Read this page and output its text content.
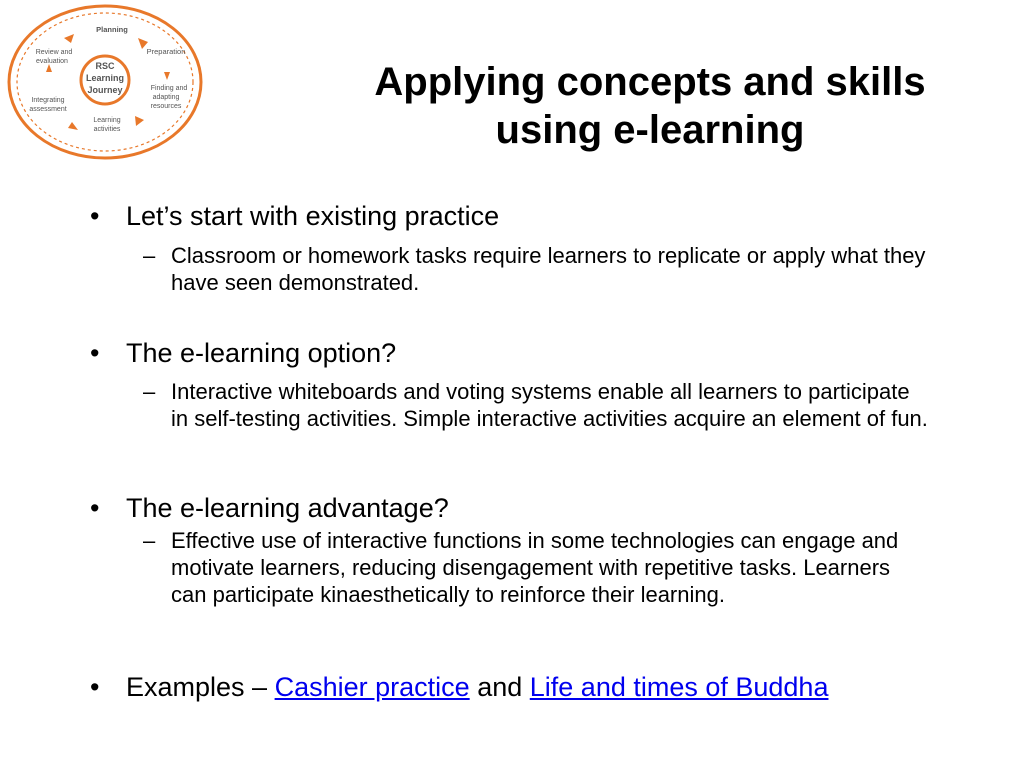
RSC
Learning
Journey
Planning
Preparation
Finding and
adapting
resources
Learning
activities
Integrating
assessment
Review and
evaluation	Applying concepts and skills
using e-learning
• Let’s start with existing practice
– Classroom or homework tasks require learners to replicate or apply what they have seen demonstrated.
• The e-learning option?
– Interactive whiteboards and voting systems enable all learners to participate in self-testing activities. Simple interactive activities acquire an element of fun.
• The e-learning advantage?
– Effective use of interactive functions in some technologies can engage and motivate learners, reducing disengagement with repetitive tasks. Learners can participate kinaesthetically to reinforce their learning.
• Examples – Cashier practice and Life and times of Buddha
